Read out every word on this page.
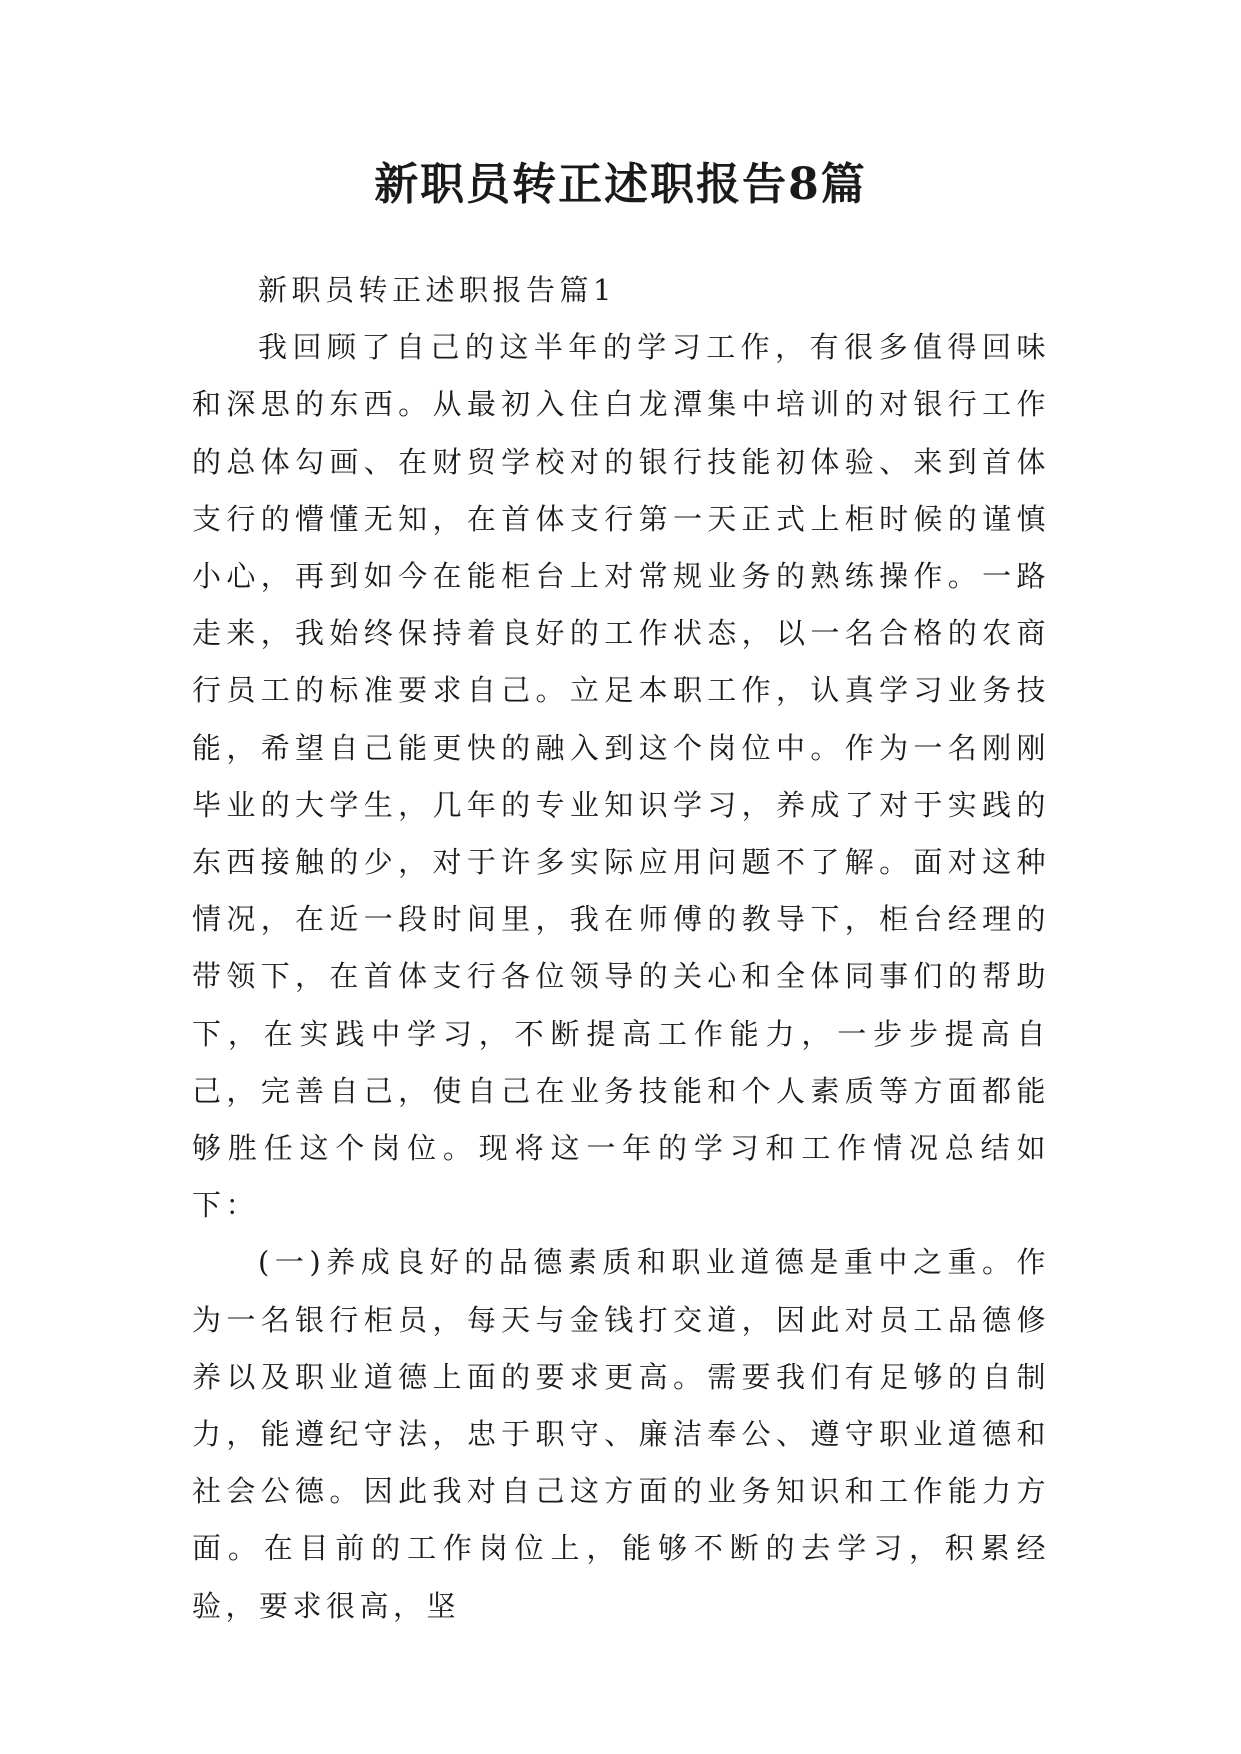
新职员转正述职报告8篇

新职员转正述职报告篇1

我回顾了自己的这半年的学习工作，有很多值得回味和深思的东西。从最初入住白龙潭集中培训的对银行工作的总体勾画、在财贸学校对的银行技能初体验、来到首体支行的懵懂无知，在首体支行第一天正式上柜时候的谨慎小心，再到如今在能柜台上对常规业务的熟练操作。一路走来，我始终保持着良好的工作状态，以一名合格的农商行员工的标准要求自己。立足本职工作，认真学习业务技能，希望自己能更快的融入到这个岗位中。作为一名刚刚毕业的大学生，几年的专业知识学习，养成了对于实践的东西接触的少，对于许多实际应用问题不了解。面对这种情况，在近一段时间里，我在师傅的教导下，柜台经理的带领下，在首体支行各位领导的关心和全体同事们的帮助下，在实践中学习，不断提高工作能力，一步步提高自己，完善自己，使自己在业务技能和个人素质等方面都能够胜任这个岗位。现将这一年的学习和工作情况总结如下：

(一)养成良好的品德素质和职业道德是重中之重。作为一名银行柜员，每天与金钱打交道，因此对员工品德修养以及职业道德上面的要求更高。需要我们有足够的自制力，能遵纪守法，忠于职守、廉洁奉公、遵守职业道德和社会公德。因此我对自己这方面的业务知识和工作能力方面。在目前的工作岗位上，能够不断的去学习，积累经验，要求很高，坚
